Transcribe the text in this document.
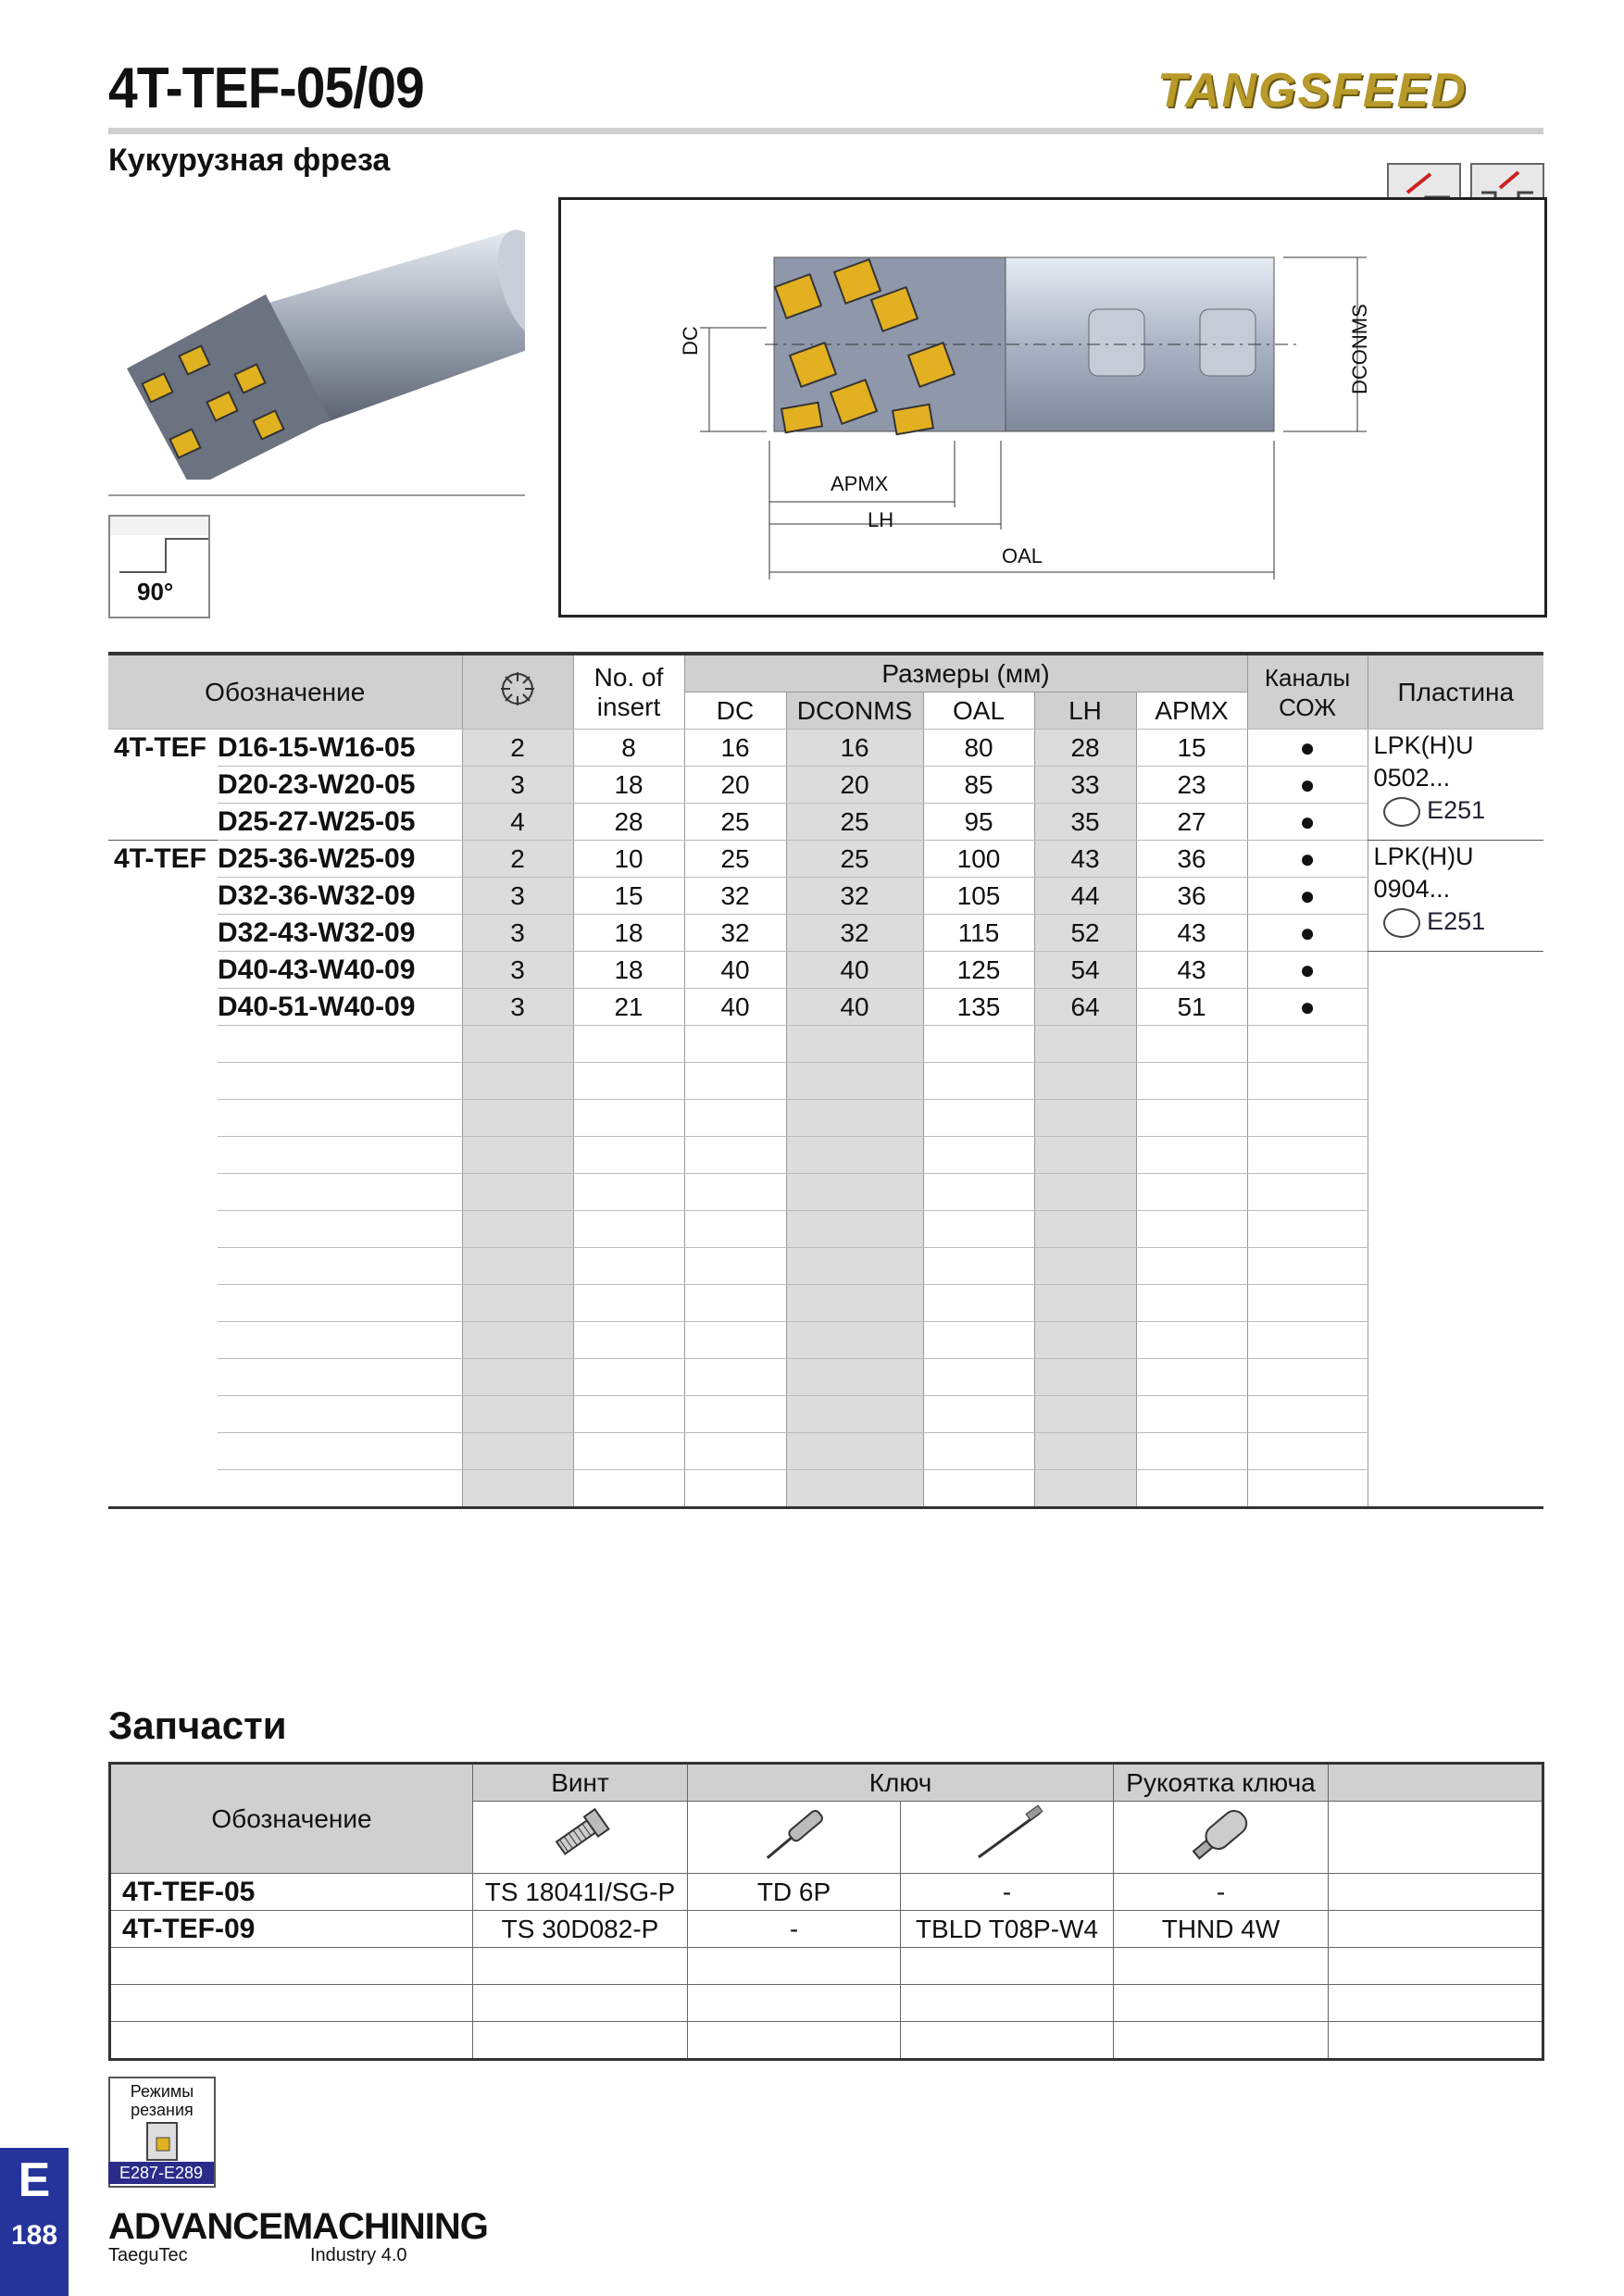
4T-TEF-05/09	TANGSFEED
Кукурузная фреза
90°
DC	DCONMS
APMX
LH
OAL
Обозначение			No. of
insert	Размеры (мм)					Каналы
СОЖ	Пластина
				DC	DCONMS	OAL	LH	APMX		
4T-TEF	D16-15-W16-05	2	8	16	16	80	28	15	●	LPK(H)U
0502...
E251
	D20-23-W20-05	3	18	20	20	85	33	23	●	
	D25-27-W25-05	4	28	25	25	95	35	27	●	
4T-TEF	D25-36-W25-09	2	10	25	25	100	43	36	●	LPK(H)U
0904...
E251
	D32-36-W32-09	3	15	32	32	105	44	36	●	
	D32-43-W32-09	3	18	32	32	115	52	43	●	
	D40-43-W40-09	3	18	40	40	125	54	43	●	
	D40-51-W40-09	3	21	40	40	135	64	51	●	

Запчасти
Обозначение	Винт	Ключ		Рукоятка ключа	

4T-TEF-05	TS 18041I/SG-P	TD 6P	-	-	
4T-TEF-09	TS 30D082-P	-	TBLD T08P-W4	THND 4W	

Режимы
резания
E287-E289
E
188 ADVANCEMACHINING
TaeguTec	Industry 4.0
